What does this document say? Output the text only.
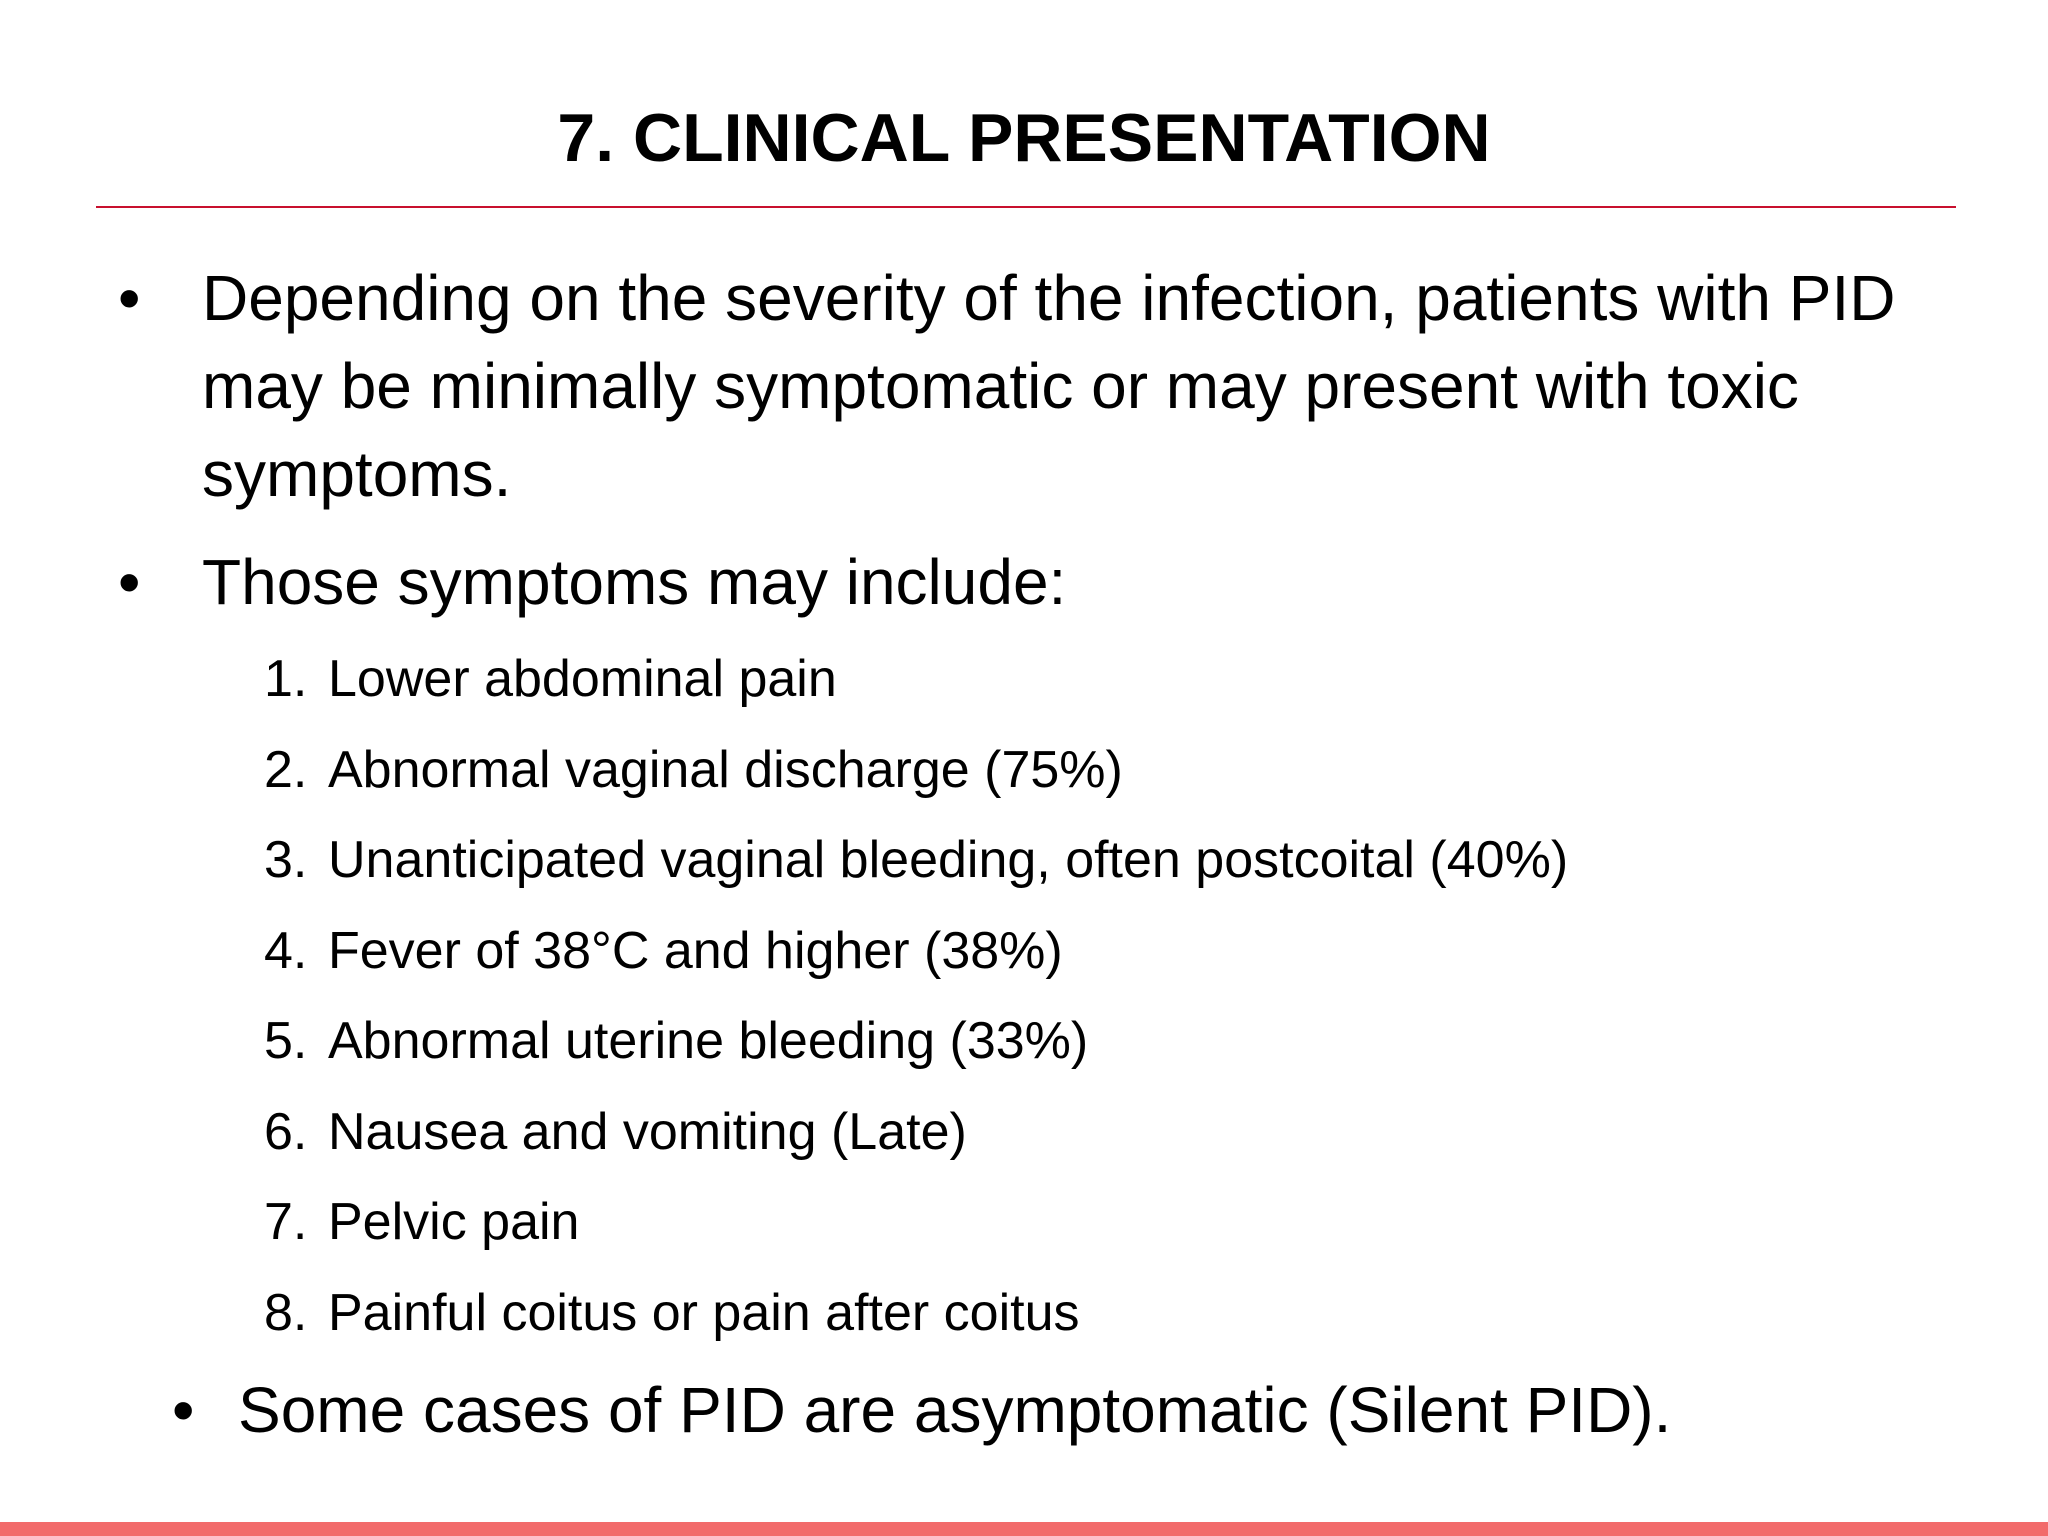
7. CLINICAL PRESENTATION
• Depending on the severity of the infection, patients with PID may be minimally symptomatic or may present with toxic symptoms.
• Those symptoms may include:
1. Lower abdominal pain
2. Abnormal vaginal discharge (75%)
3. Unanticipated vaginal bleeding, often postcoital (40%)
4. Fever of 38°C and higher (38%)
5. Abnormal uterine bleeding (33%)
6. Nausea and vomiting (Late)
7. Pelvic pain
8. Painful coitus or pain after coitus
• Some cases of PID are asymptomatic (Silent PID).
